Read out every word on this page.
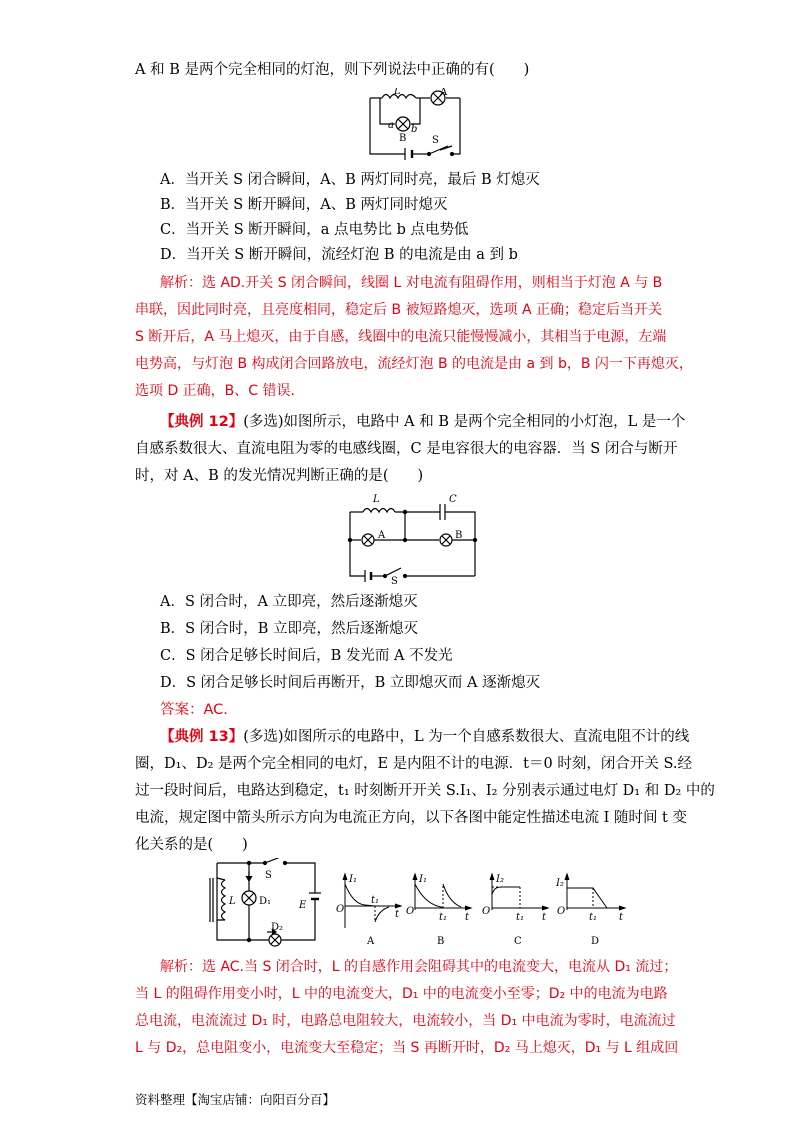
A 和 B 是两个完全相同的灯泡，则下列说法中正确的有(　　)
L	A
a b
B	S
A．当开关 S 闭合瞬间，A、B 两灯同时亮，最后 B 灯熄灭
B．当开关 S 断开瞬间，A、B 两灯同时熄灭
C．当开关 S 断开瞬间，a 点电势比 b 点电势低
D．当开关 S 断开瞬间，流经灯泡 B 的电流是由 a 到 b
解析：选 AD.开关 S 闭合瞬间，线圈 L 对电流有阻碍作用，则相当于灯泡 A 与 B
串联，因此同时亮，且亮度相同，稳定后 B 被短路熄灭，选项 A 正确；稳定后当开关
S 断开后，A 马上熄灭，由于自感，线圈中的电流只能慢慢减小，其相当于电源，左端
电势高，与灯泡 B 构成闭合回路放电，流经灯泡 B 的电流是由 a 到 b，B 闪一下再熄灭，
选项 D 正确，B、C 错误.
【典例 12】(多选)如图所示，电路中 A 和 B 是两个完全相同的小灯泡，L 是一个
自感系数很大、直流电阻为零的电感线圈，C 是电容很大的电容器．当 S 闭合与断开
时，对 A、B 的发光情况判断正确的是(　　)
L	C
A	B
S
A．S 闭合时，A 立即亮，然后逐渐熄灭
B．S 闭合时，B 立即亮，然后逐渐熄灭
C．S 闭合足够长时间后，B 发光而 A 不发光
D．S 闭合足够长时间后再断开，B 立即熄灭而 A 逐渐熄灭
答案：AC.
【典例 13】(多选)如图所示的电路中，L 为一个自感系数很大、直流电阻不计的线
圈，D₁、D₂ 是两个完全相同的电灯，E 是内阻不计的电源．t＝0 时刻，闭合开关 S.经
过一段时间后，电路达到稳定，t₁ 时刻断开开关 S.I₁、I₂ 分别表示通过电灯 D₁ 和 D₂ 中的
电流，规定图中箭头所示方向为电流正方向，以下各图中能定性描述电流 I 随时间 t 变
化关系的是(　　)
S
L D₁	E
D₂
I₁
O
t₁
t
A
I₁
O
t₁ t
B
I₂
O
t₁ t
C
I₂
O
t₁ t
D
解析：选 AC.当 S 闭合时，L 的自感作用会阻碍其中的电流变大，电流从 D₁ 流过；
当 L 的阻碍作用变小时，L 中的电流变大，D₁ 中的电流变小至零；D₂ 中的电流为电路
总电流，电流流过 D₁ 时，电路总电阻较大，电流较小，当 D₁ 中电流为零时，电流流过
L 与 D₂，总电阻变小，电流变大至稳定；当 S 再断开时，D₂ 马上熄灭，D₁ 与 L 组成回
资料整理【淘宝店铺：向阳百分百】
